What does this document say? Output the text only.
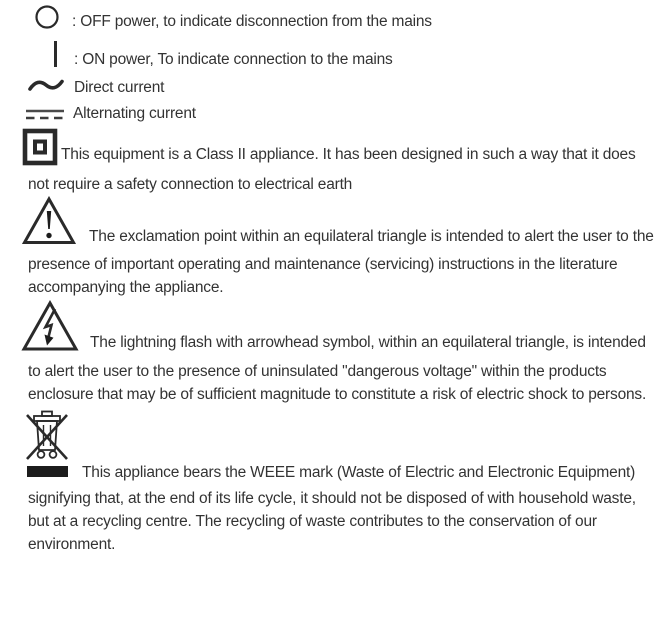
: OFF power, to indicate disconnection from the mains

: ON power, To indicate connection to the mains

Direct current

Alternating current

This equipment is a Class II appliance. It has been designed in such a way that it does not require a safety connection to electrical earth

The exclamation point within an equilateral triangle is intended to alert the user to the presence of important operating and maintenance (servicing) instructions in the literature accompanying the appliance.

The lightning flash with arrowhead symbol, within an equilateral triangle, is intended to alert the user to the presence of uninsulated "dangerous voltage" within the products enclosure that may be of sufficient magnitude to constitute a risk of electric shock to persons.

This appliance bears the WEEE mark (Waste of Electric and Electronic Equipment) signifying that, at the end of its life cycle, it should not be disposed of with household waste, but at a recycling centre. The recycling of waste contributes to the conservation of our environment.
